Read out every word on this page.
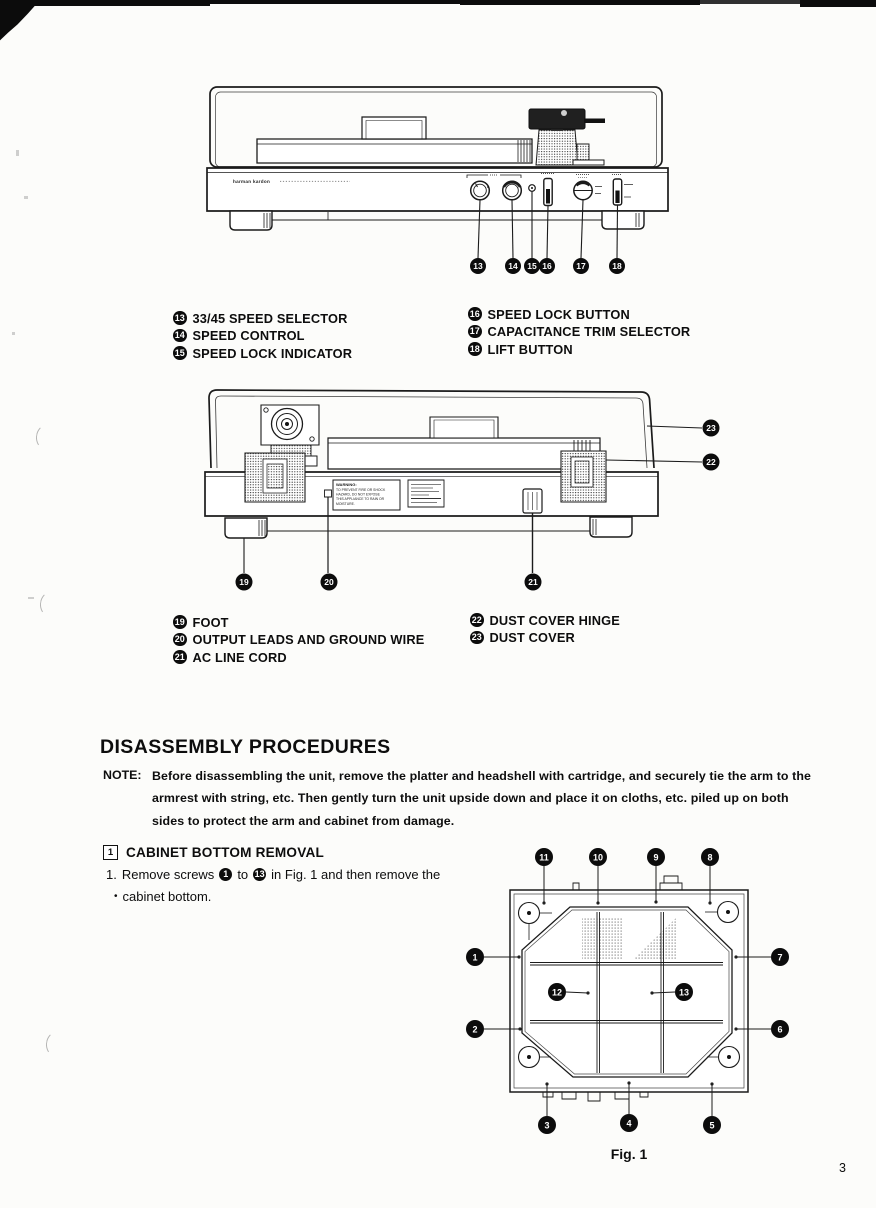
harman kardon
13	14 15 16	17	18
13 33/45 SPEED SELECTOR
14 SPEED CONTROL
15 SPEED LOCK INDICATOR
16 SPEED LOCK BUTTON
17 CAPACITANCE TRIM SELECTOR
18 LIFT BUTTON
WARNING:
TO PREVENT FIRE OR SHOCK
HAZARD, DO NOT EXPOSE
THIS APPLIANCE TO RAIN OR
MOISTURE.
19	20	21
22
23
19 FOOT
20 OUTPUT LEADS AND GROUND WIRE
21 AC LINE CORD
22 DUST COVER HINGE
23 DUST COVER
DISASSEMBLY PROCEDURES
NOTE: Before disassembling the unit, remove the platter and headshell with cartridge, and securely tie the arm to the
armrest with string, etc. Then gently turn the unit upside down and place it on cloths, etc. piled up on both
sides to protect the arm and cabinet from damage.
1 CABINET BOTTOM REMOVAL
1. Remove screws 1 to 13 in Fig. 1 and then remove the
• cabinet bottom.
11	10	9	8
1
2
7
6
3	4	5
12	13
Fig. 1
3
